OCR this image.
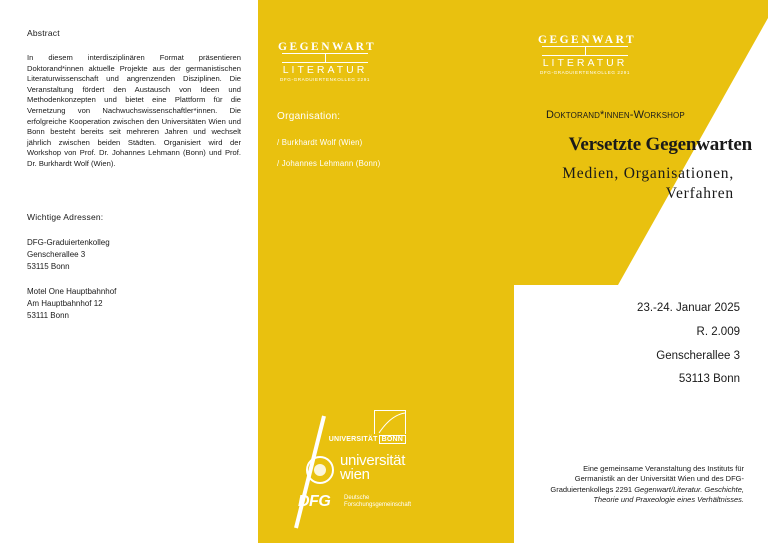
Abstract
In diesem interdisziplinären Format präsentieren Doktorand*innen aktuelle Projekte aus der germanistischen Literaturwissenschaft und angrenzenden Disziplinen. Die Veranstaltung fördert den Austausch von Ideen und Methodenkonzepten und bietet eine Plattform für die Vernetzung von Nachwuchswissenschaftler*innen. Die erfolgreiche Kooperation zwischen den Universitäten Wien und Bonn besteht bereits seit mehreren Jahren und wechselt jährlich zwischen beiden Städten. Organisiert wird der Workshop von Prof. Dr. Johannes Lehmann (Bonn) und Prof. Dr. Burkhardt Wolf (Wien).
Wichtige Adressen:
DFG-Graduiertenkolleg
Genscherallee 3
53115 Bonn
Motel One Hauptbahnhof
Am Hauptbahnhof 12
53111 Bonn
GEGENWART
LITERATUR
DFG-GRADUIERTENKOLLEG 2291
Organisation:
/ Burkhardt Wolf (Wien)
/ Johannes Lehmann (Bonn)
UNIVERSITÄT BONN
universität
wien
DFG Deutsche
Forschungsgemeinschaft
GEGENWART
LITERATUR
DFG-GRADUIERTENKOLLEG 2291
Doktorand*innen-Workshop
Versetzte Gegenwarten
Medien, Organisationen,
Verfahren
23.-24. Januar 2025
R. 2.009
Genscherallee 3
53113 Bonn
Eine gemeinsame Veranstaltung des Instituts für Germanistik an der Universität Wien und des DFG-Graduiertenkollegs 2291 Gegenwart/Literatur. Geschichte, Theorie und Praxeologie eines Verhältnisses.
